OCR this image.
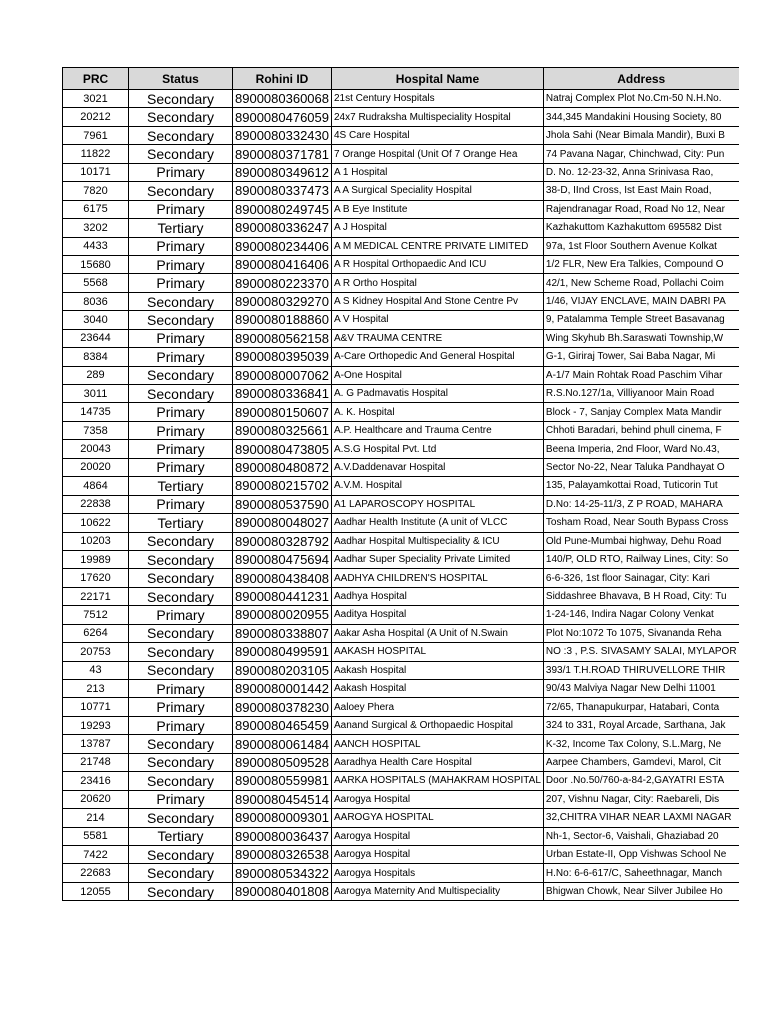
PRC	Status	Rohini ID	Hospital Name	Address
3021	Secondary	8900080360068	21st Century Hospitals	Natraj Complex Plot No.Cm-50 N.H.No.
20212	Secondary	8900080476059	24x7 Rudraksha Multispeciality Hospital	344,345 Mandakini Housing Society, 80
7961	Secondary	8900080332430	4S Care Hospital	Jhola Sahi (Near Bimala Mandir), Buxi B
11822	Secondary	8900080371781	7 Orange Hospital (Unit Of 7 Orange Hea	74 Pavana Nagar, Chinchwad, City: Pun
10171	Primary	8900080349612	A 1 Hospital	D. No. 12-23-32, Anna Srinivasa Rao,
7820	Secondary	8900080337473	A A Surgical Speciality Hospital	38-D, IInd Cross, Ist East Main Road,
6175	Primary	8900080249745	A B Eye Institute	Rajendranagar Road, Road No 12, Near
3202	Tertiary	8900080336247	A J Hospital	Kazhakuttom Kazhakuttom 695582 Dist
4433	Primary	8900080234406	A M MEDICAL CENTRE PRIVATE LIMITED	97a, 1st Floor Southern Avenue Kolkat
15680	Primary	8900080416406	A R Hospital Orthopaedic And ICU	1/2 FLR, New Era Talkies, Compound O
5568	Primary	8900080223370	A R Ortho Hospital	42/1, New Scheme Road, Pollachi Coim
8036	Secondary	8900080329270	A S Kidney Hospital And Stone Centre Pv	1/46, VIJAY ENCLAVE, MAIN DABRI PA
3040	Secondary	8900080188860	A V Hospital	9, Patalamma Temple Street Basavanag
23644	Primary	8900080562158	A&V TRAUMA CENTRE	Wing Skyhub Bh.Saraswati Township,W
8384	Primary	8900080395039	A-Care Orthopedic And General Hospital	G-1, Giriraj Tower, Sai Baba Nagar, Mi
289	Secondary	8900080007062	A-One Hospital	A-1/7 Main Rohtak Road Paschim Vihar
3011	Secondary	8900080336841	A. G Padmavatis Hospital	R.S.No.127/1a, Villiyanoor Main Road
14735	Primary	8900080150607	A. K. Hospital	Block - 7, Sanjay Complex Mata Mandir
7358	Primary	8900080325661	A.P. Healthcare and Trauma Centre	Chhoti Baradari, behind phull cinema, F
20043	Primary	8900080473805	A.S.G Hospital Pvt. Ltd	Beena Imperia, 2nd Floor, Ward No.43,
20020	Primary	8900080480872	A.V.Daddenavar Hospital	Sector No-22, Near Taluka Pandhayat O
4864	Tertiary	8900080215702	A.V.M. Hospital	135, Palayamkottai Road, Tuticorin Tut
22838	Primary	8900080537590	A1 LAPAROSCOPY HOSPITAL	D.No: 14-25-11/3, Z P ROAD, MAHARA
10622	Tertiary	8900080048027	Aadhar Health Institute (A unit of VLCC	Tosham Road, Near South Bypass Cross
10203	Secondary	8900080328792	Aadhar Hospital Multispeciality & ICU	Old Pune-Mumbai highway, Dehu Road
19989	Secondary	8900080475694	Aadhar Super Speciality Private Limited	140/P, OLD RTO, Railway Lines, City: So
17620	Secondary	8900080438408	AADHYA CHILDREN'S HOSPITAL	6-6-326, 1st floor Sainagar, City: Kari
22171	Secondary	8900080441231	Aadhya Hospital	Siddashree Bhavava, B H Road, City: Tu
7512	Primary	8900080020955	Aaditya Hospital	1-24-146, Indira Nagar Colony Venkat
6264	Secondary	8900080338807	Aakar Asha Hospital (A Unit of N.Swain	Plot No:1072 To 1075, Sivananda Reha
20753	Secondary	8900080499591	AAKASH HOSPITAL	NO :3 , P.S. SIVASAMY SALAI, MYLAPOR
43	Secondary	8900080203105	Aakash Hospital	393/1 T.H.ROAD THIRUVELLORE THIR
213	Primary	8900080001442	Aakash Hospital	90/43 Malviya Nagar New Delhi 11001
10771	Primary	8900080378230	Aaloey Phera	72/65, Thanapukurpar, Hatabari, Conta
19293	Primary	8900080465459	Aanand Surgical & Orthopaedic Hospital	324 to 331, Royal Arcade, Sarthana, Jak
13787	Secondary	8900080061484	AANCH HOSPITAL	K-32, Income Tax Colony, S.L.Marg, Ne
21748	Secondary	8900080509528	Aaradhya Health Care Hospital	Aarpee Chambers, Gamdevi, Marol, Cit
23416	Secondary	8900080559981	AARKA HOSPITALS (MAHAKRAM HOSPITAL	Door .No.50/760-a-84-2,GAYATRI ESTA
20620	Primary	8900080454514	Aarogya Hospital	207, Vishnu Nagar, City: Raebareli, Dis
214	Secondary	8900080009301	AAROGYA HOSPITAL	32,CHITRA VIHAR NEAR LAXMI NAGAR
5581	Tertiary	8900080036437	Aarogya Hospital	Nh-1, Sector-6, Vaishali, Ghaziabad 20
7422	Secondary	8900080326538	Aarogya Hospital	Urban Estate-II, Opp Vishwas School Ne
22683	Secondary	8900080534322	Aarogya Hospitals	H.No: 6-6-617/C, Saheethnagar, Manch
12055	Secondary	8900080401808	Aarogya Maternity And Multispeciality	Bhigwan Chowk, Near Silver Jubilee Ho
